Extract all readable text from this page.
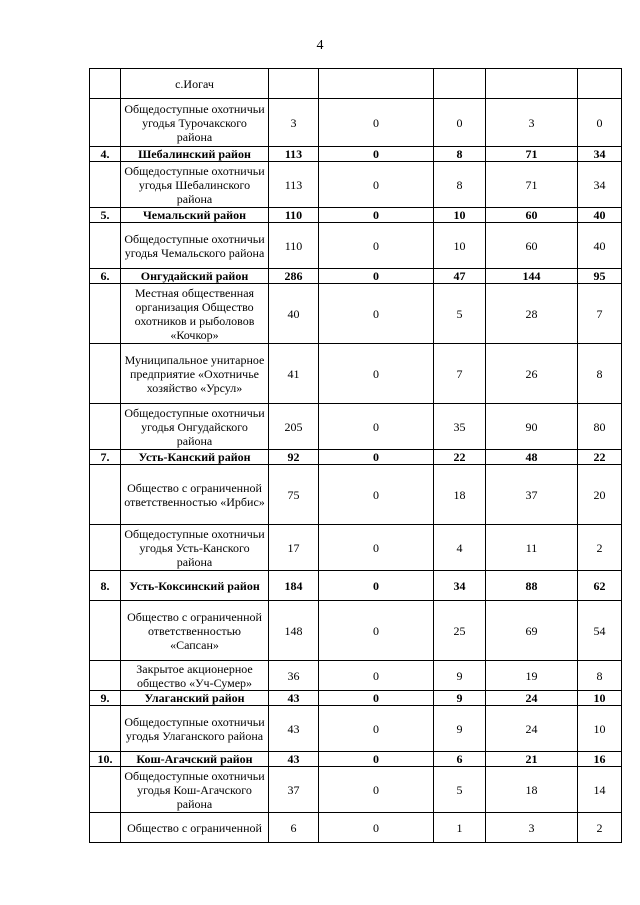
4
	с.Иогач					
	Общедоступные охотничьи угодья Турочакского района	3	0	0	3	0
4.	Шебалинский район	113	0	8	71	34
	Общедоступные охотничьи угодья Шебалинского района	113	0	8	71	34
5.	Чемальский район	110	0	10	60	40
	Общедоступные охотничьи угодья Чемальского района	110	0	10	60	40
6.	Онгудайский район	286	0	47	144	95
	Местная общественная организация Общество охотников и рыболовов «Кочкор»	40	0	5	28	7
	Муниципальное унитарное предприятие «Охотничье хозяйство «Урсул»	41	0	7	26	8
	Общедоступные охотничьи угодья Онгудайского района	205	0	35	90	80
7.	Усть-Канский район	92	0	22	48	22
	Общество с ограниченной ответственностью «Ирбис»	75	0	18	37	20
	Общедоступные охотничьи угодья Усть-Канского района	17	0	4	11	2
8.	Усть-Коксинский район	184	0	34	88	62
	Общество с ограниченной ответственностью «Сапсан»	148	0	25	69	54
	Закрытое акционерное общество «Уч-Сумер»	36	0	9	19	8
9.	Улаганский район	43	0	9	24	10
	Общедоступные охотничьи угодья Улаганского района	43	0	9	24	10
10.	Кош-Агачский район	43	0	6	21	16
	Общедоступные охотничьи угодья Кош-Агачского района	37	0	5	18	14
	Общество с ограниченной	6	0	1	3	2
